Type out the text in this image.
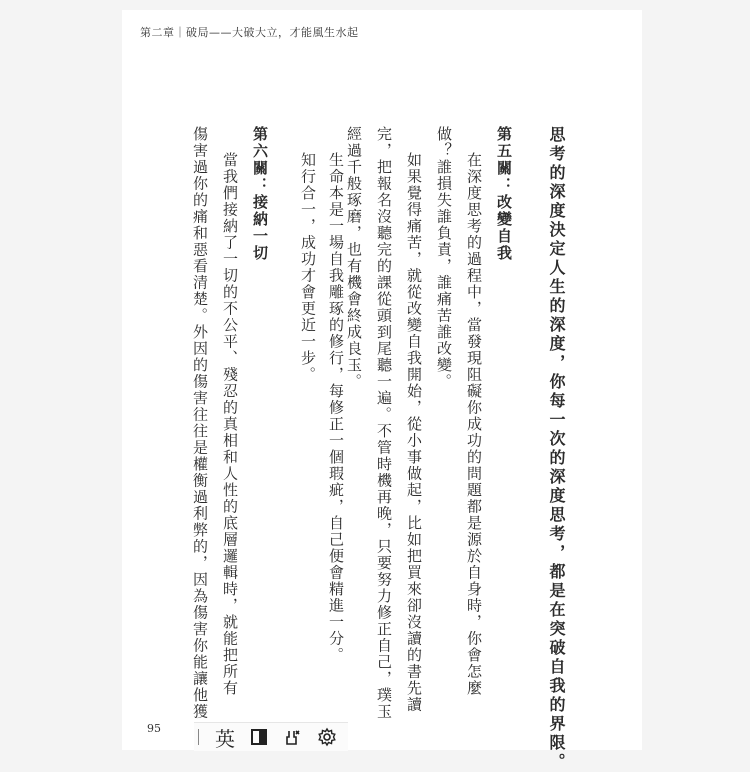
第二章｜破局——大破大立，才能風生水起
思考的深度決定人生的深度，你每一次的深度思考，都是在突破自我的界限。
第五關：改變自我
在深度思考的過程中，當發現阻礙你成功的問題都是源於自身時，你會怎麼
做？誰損失誰負責，誰痛苦誰改變。
如果覺得痛苦，就從改變自我開始，從小事做起，比如把買來卻沒讀的書先讀
完，把報名沒聽完的課從頭到尾聽一遍。不管時機再晚，只要努力修正自己，璞玉
經過千般琢磨，也有機會終成良玉。
生命本是一場自我雕琢的修行，每修正一個瑕疵，自己便會精進一分。
知行合一，成功才會更近一步。
第六關：接納一切
當我們接納了一切的不公平、殘忍的真相和人性的底層邏輯時，就能把所有
傷害過你的痛和惡看清楚。外因的傷害往往是權衡過利弊的，因為傷害你能讓他獲
95	英
